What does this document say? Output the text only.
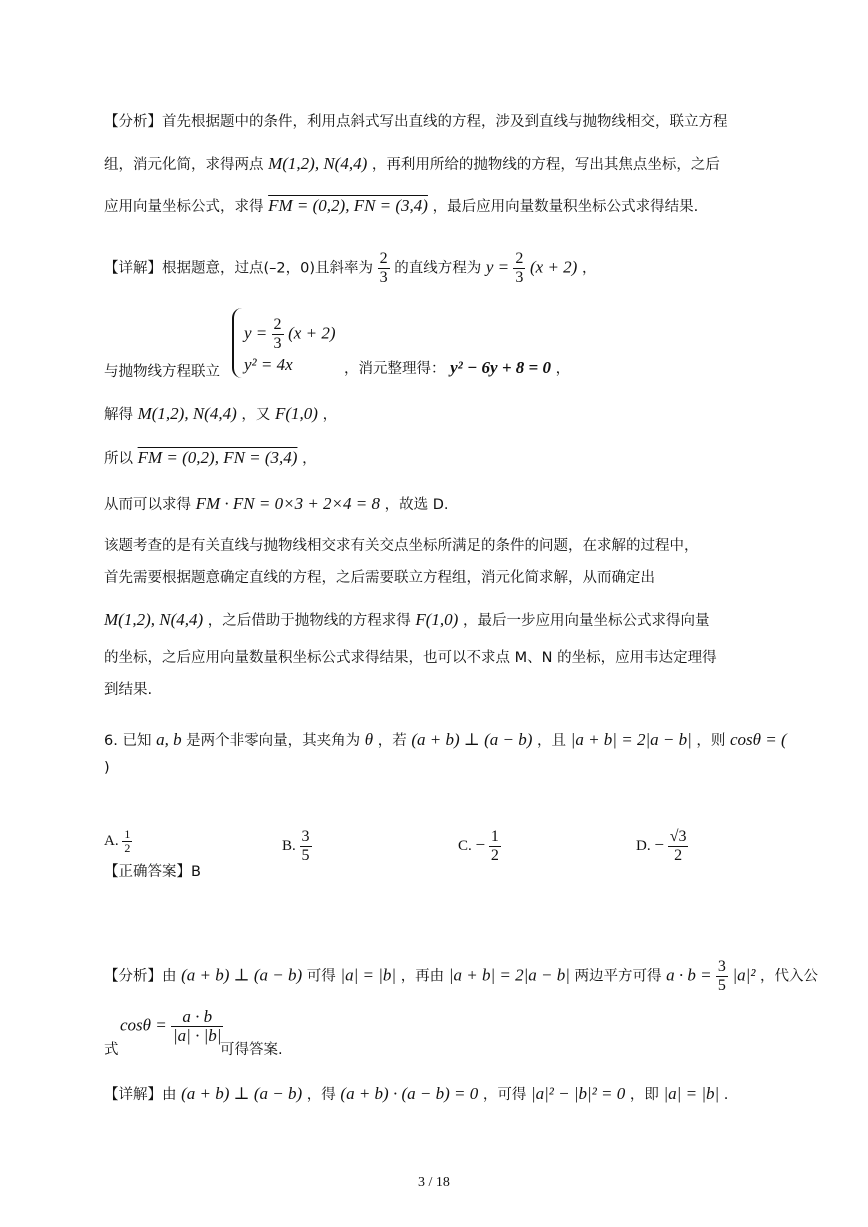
【分析】首先根据题中的条件，利用点斜式写出直线的方程，涉及到直线与抛物线相交，联立方程
组，消元化简，求得两点 M(1,2), N(4,4) ，再利用所给的抛物线的方程，写出其焦点坐标，之后
应用向量坐标公式，求得 FM = (0,2), FN = (3,4) ，最后应用向量数量积坐标公式求得结果.
【详解】根据题意，过点(–2，0)且斜率为 $\frac{2}{3}$ 的直线方程为 $y = \frac{2}{3} (x + 2)$ ，
$y = \frac{2}{3} (x + 2)$
y² = 4x
与抛物线方程联立	，消元整理得： y² − 6y + 8 = 0 ，
解得 M(1,2), N(4,4) ，又 F(1,0) ，
所以 FM = (0,2), FN = (3,4) ，
从而可以求得 FM · FN = 0×3 + 2×4 = 8 ，故选 D.
该题考查的是有关直线与抛物线相交求有关交点坐标所满足的条件的问题，在求解的过程中，
首先需要根据题意确定直线的方程，之后需要联立方程组，消元化简求解，从而确定出
M(1,2), N(4,4) ，之后借助于抛物线的方程求得 F(1,0) ，最后一步应用向量坐标公式求得向量
的坐标，之后应用向量数量积坐标公式求得结果，也可以不求点 M、N 的坐标，应用韦达定理得
到结果.
6. 已知 a, b 是两个非零向量，其夹角为 θ ，若 (a + b) ⊥ (a − b) ，且 |a + b| = 2|a − b| ，则 cosθ = (
)
A. $\frac{1}{2}$	B. $\frac{3}{5}$	C. − $\frac{1}{2}$	D. − $\frac{√3}{2}$
【正确答案】B
【分析】由 (a + b) ⊥ (a − b) 可得 |a| = |b| ，再由 |a + b| = 2|a − b| 两边平方可得 $a \cdot b = \frac{3}{5} |a|^2$ ，代入公
$\cos\theta = \frac{a \cdot b}{|a| \cdot |b|}$
式	可得答案.
【详解】由 (a + b) ⊥ (a − b) ，得 (a + b) · (a − b) = 0 ，可得 |a|² − |b|² = 0 ，即 |a| = |b| .
3 / 18
